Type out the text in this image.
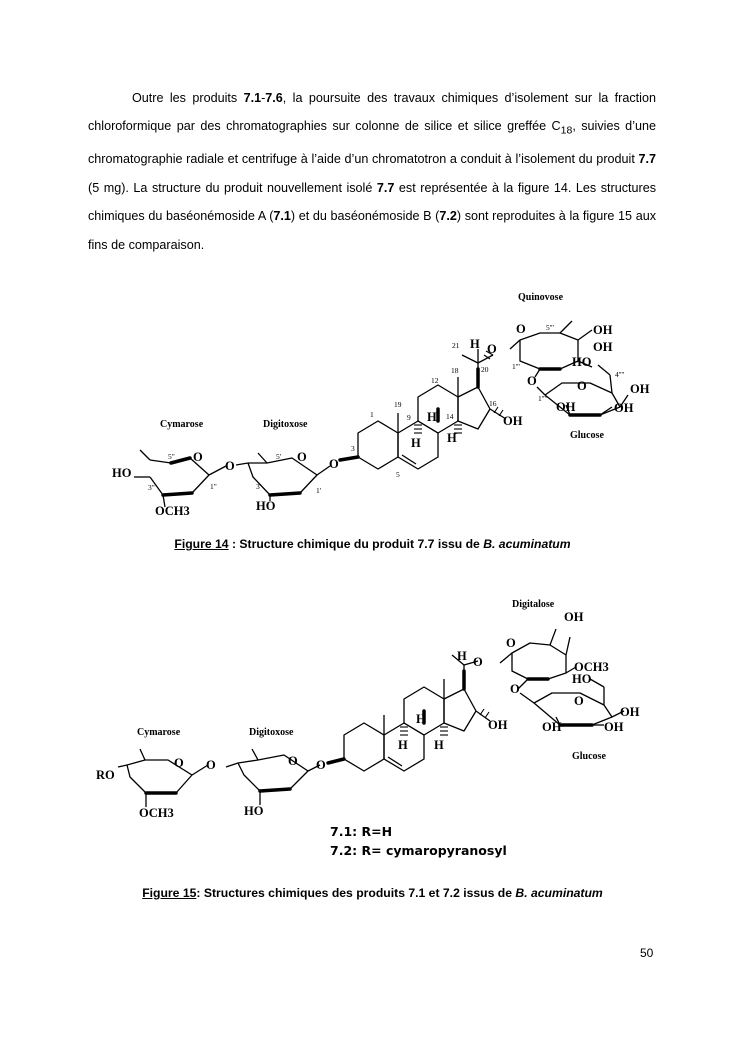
Outre les produits 7.1-7.6, la poursuite des travaux chimiques d’isolement sur la fraction chloroformique par des chromatographies sur colonne de silice et silice greffée $C_{18}$, suivies d’une chromatographie radiale et centrifuge à l’aide d’un chromatotron a conduit à l’isolement du produit 7.7 (5 mg). La structure du produit nouvellement isolé 7.7 est représentée à la figure 14. Les structures chimiques du baséonémoside A (7.1) et du baséonémoside B (7.2) sont reproduites à la figure 15 aux fins de comparaison.

Quinovose
Glucose
Cymarose	Digitoxose
HO
O
O
O O
OCH3	HO
H
H H
H O
OH
O	OH
OH
O
HO
O	OH
OH	OH
1
3
5
9
12
14
16
18
19
20
21
1'
3'
5'
1"
3"
5"
1'''
5'''
1''''
4''''
Figure 14 : Structure chimique du produit 7.7 issu de B. acuminatum
Digitalose
Glucose
Cymarose	Digitoxose
RO
O O	O O
OCH3	HO
H
H H
H O
OH
O
OH
OCH3
O
HO
O
OH
OH	OH
7.1: R=H
7.2: R= cymaropyranosyl
Figure 15: Structures chimiques des produits 7.1 et 7.2 issus de B. acuminatum
50
